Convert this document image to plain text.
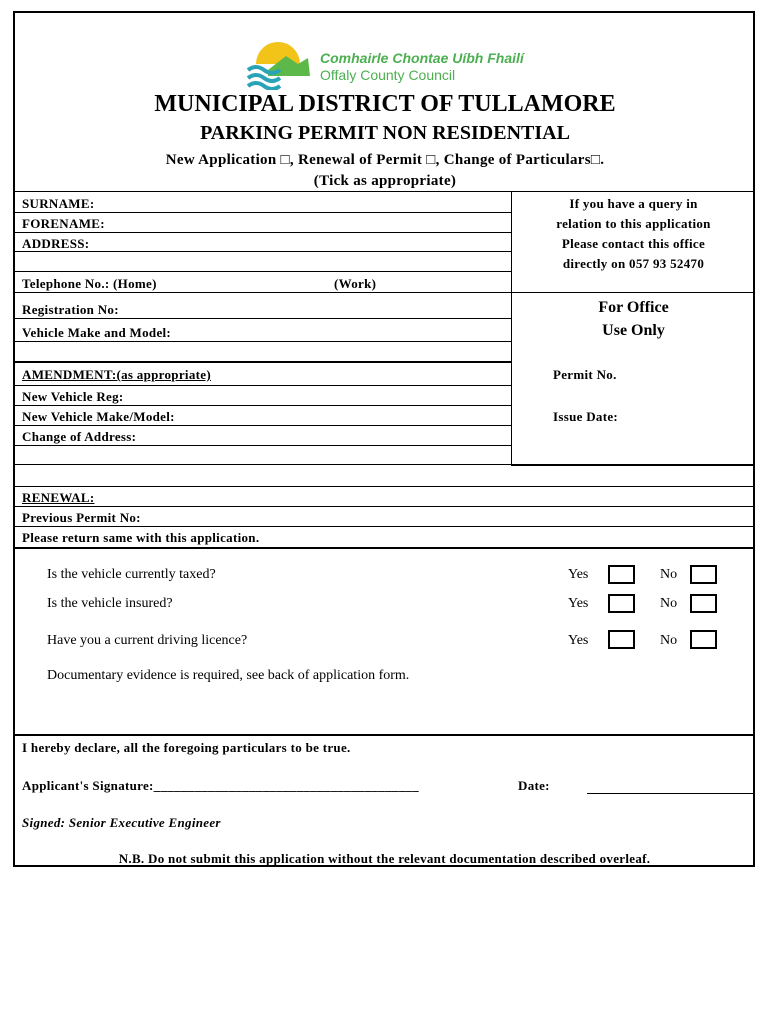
Comhairle Chontae Uíbh Fhailí
Offaly County Council
MUNICIPAL DISTRICT OF TULLAMORE
PARKING PERMIT NON RESIDENTIAL
New Application □, Renewal of Permit □, Change of Particulars□.
(Tick as appropriate)
SURNAME:
FORENAME:
ADDRESS:
Telephone No.: (Home)	(Work)
Registration No:
Vehicle Make and Model:
If you have a query in
relation to this application
Please contact this office
directly on 057 93 52470
For Office
Use Only
Permit No.
Issue Date:
AMENDMENT:(as appropriate)
New Vehicle Reg:
New Vehicle Make/Model:
Change of Address:
RENEWAL:
Previous Permit No:
Please return same with this application.
Is the vehicle currently taxed?	Yes	No
Is the vehicle insured?	Yes	No
Have you a current driving licence?	Yes	No
Documentary evidence is required, see back of application form.
I hereby declare, all the foregoing particulars to be true.
Applicant's Signature:_______________________________________	Date:
Signed: Senior Executive Engineer
N.B. Do not submit this application without the relevant documentation described overleaf.
